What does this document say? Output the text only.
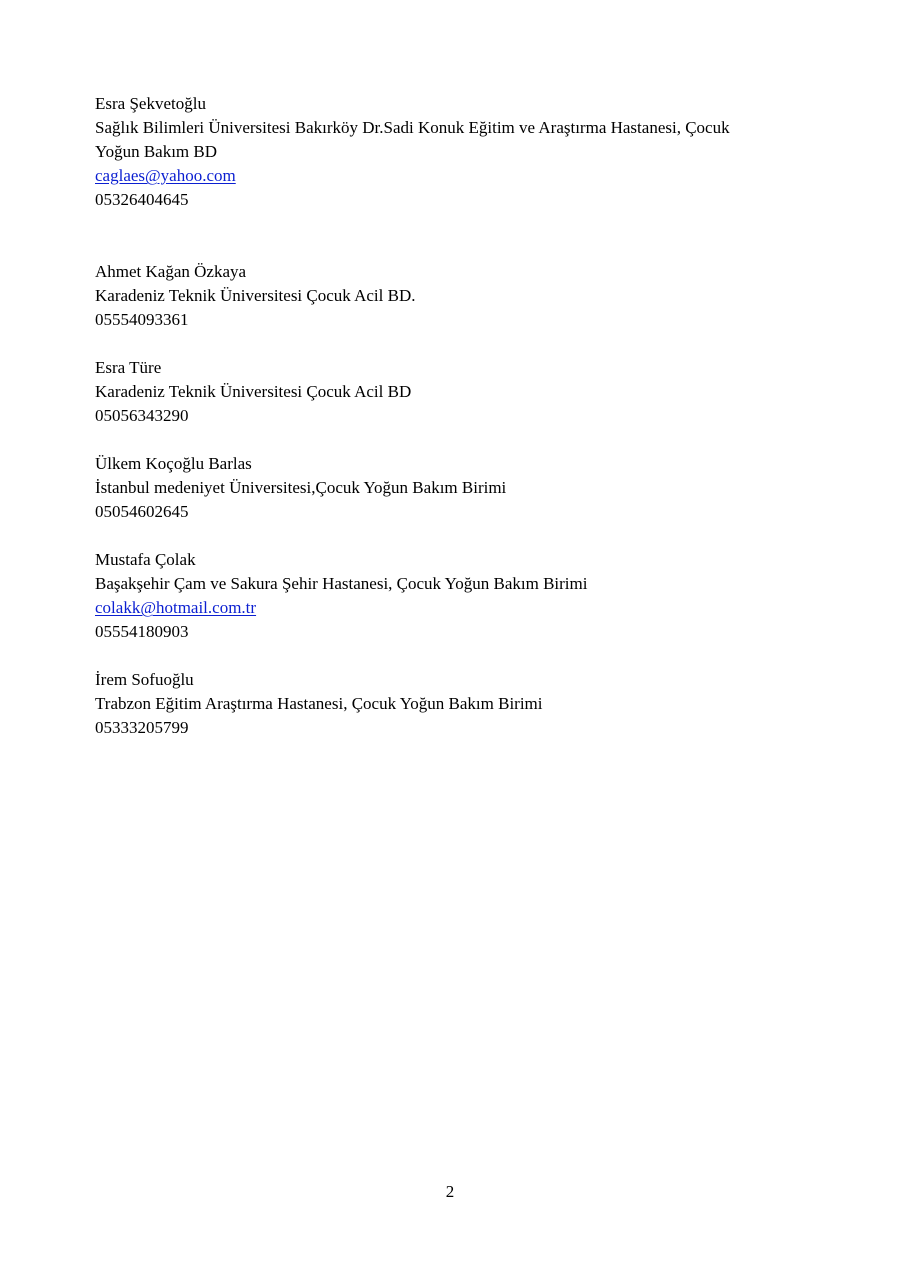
Esra Şekvetoğlu
Sağlık Bilimleri Üniversitesi Bakırköy Dr.Sadi Konuk Eğitim ve Araştırma Hastanesi, Çocuk
Yoğun Bakım BD
caglaes@yahoo.com
05326404645
Ahmet Kağan Özkaya
Karadeniz Teknik Üniversitesi Çocuk Acil BD.
05554093361
Esra Türe
Karadeniz Teknik Üniversitesi Çocuk Acil BD
05056343290
Ülkem Koçoğlu Barlas
İstanbul medeniyet Üniversitesi,Çocuk Yoğun Bakım Birimi
05054602645
Mustafa Çolak
Başakşehir Çam ve Sakura Şehir Hastanesi, Çocuk Yoğun Bakım Birimi
colakk@hotmail.com.tr
05554180903
İrem Sofuoğlu
Trabzon Eğitim Araştırma Hastanesi, Çocuk Yoğun Bakım Birimi
05333205799
2
